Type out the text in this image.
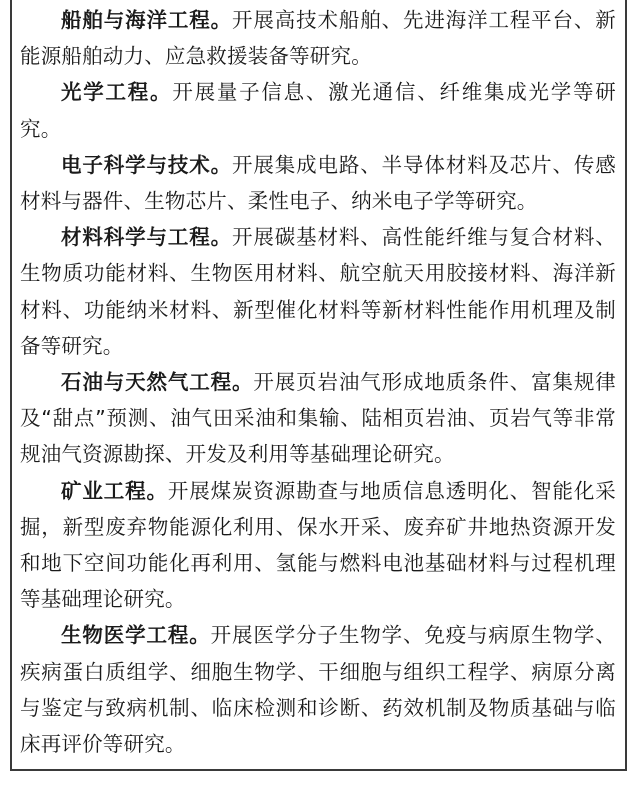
船舶与海洋工程。开展高技术船舶、先进海洋工程平台、新能源船舶动力、应急救援装备等研究。

光学工程。开展量子信息、激光通信、纤维集成光学等研究。

电子科学与技术。开展集成电路、半导体材料及芯片、传感材料与器件、生物芯片、柔性电子、纳米电子学等研究。

材料科学与工程。开展碳基材料、高性能纤维与复合材料、生物质功能材料、生物医用材料、航空航天用胶接材料、海洋新材料、功能纳米材料、新型催化材料等新材料性能作用机理及制备等研究。

石油与天然气工程。开展页岩油气形成地质条件、富集规律及“甜点”预测、油气田采油和集输、陆相页岩油、页岩气等非常规油气资源勘探、开发及利用等基础理论研究。

矿业工程。开展煤炭资源勘查与地质信息透明化、智能化采掘，新型废弃物能源化利用、保水开采、废弃矿井地热资源开发和地下空间功能化再利用、氢能与燃料电池基础材料与过程机理等基础理论研究。

生物医学工程。开展医学分子生物学、免疫与病原生物学、疾病蛋白质组学、细胞生物学、干细胞与组织工程学、病原分离与鉴定与致病机制、临床检测和诊断、药效机制及物质基础与临床再评价等研究。
